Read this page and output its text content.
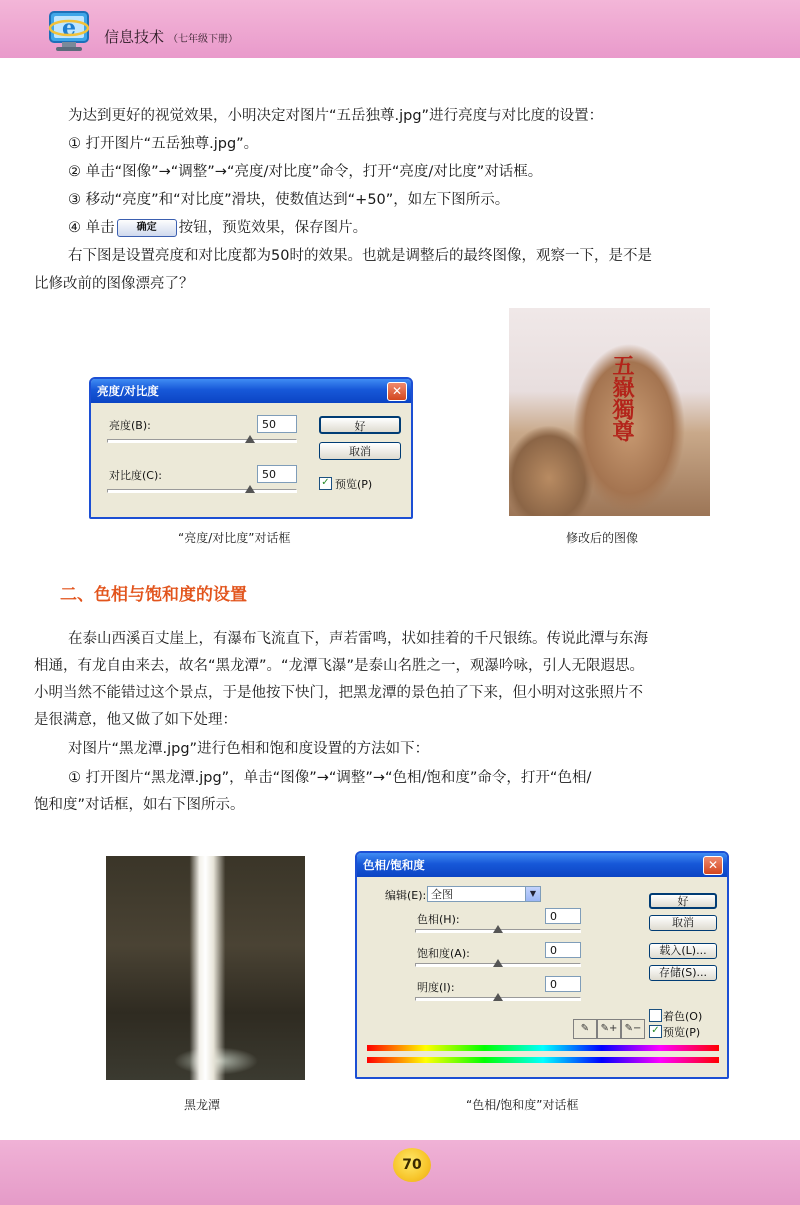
e 信息技术 （七年级下册）
为达到更好的视觉效果，小明决定对图片“五岳独尊.jpg”进行亮度与对比度的设置：
① 打开图片“五岳独尊.jpg”。
② 单击“图像”→“调整”→“亮度/对比度”命令，打开“亮度/对比度”对话框。
③ 移动“亮度”和“对比度”滑块，使数值达到“+50”，如左下图所示。
④ 单击 确定 按钮，预览效果，保存图片。
右下图是设置亮度和对比度都为50时的效果。也就是调整后的最终图像，观察一下，是不是
比修改前的图像漂亮了？
亮度/对比度	✕
亮度(B):	50
对比度(C):	50
好
取消
✓ 预览(P)
“亮度/对比度”对话框
五嶽獨尊
修改后的图像
二、色相与饱和度的设置
在泰山西溪百丈崖上，有瀑布飞流直下，声若雷鸣，状如挂着的千尺银练。传说此潭与东海
相通，有龙自由来去，故名“黑龙潭”。“龙潭飞瀑”是泰山名胜之一，观瀑吟咏，引人无限遐思。
小明当然不能错过这个景点，于是他按下快门，把黑龙潭的景色拍了下来，但小明对这张照片不
是很满意，他又做了如下处理：
对图片“黑龙潭.jpg”进行色相和饱和度设置的方法如下：
① 打开图片“黑龙潭.jpg”，单击“图像”→“调整”→“色相/饱和度”命令，打开“色相/
饱和度”对话框，如右下图所示。
黑龙潭
色相/饱和度	✕
编辑(E): 全图	▼
色相(H):	0
饱和度(A):	0
明度(I):	0
好
取消
载入(L)...
存储(S)...
着色(O)
✓ 预览(P)
✎	✎+ ✎−
“色相/饱和度”对话框
70
